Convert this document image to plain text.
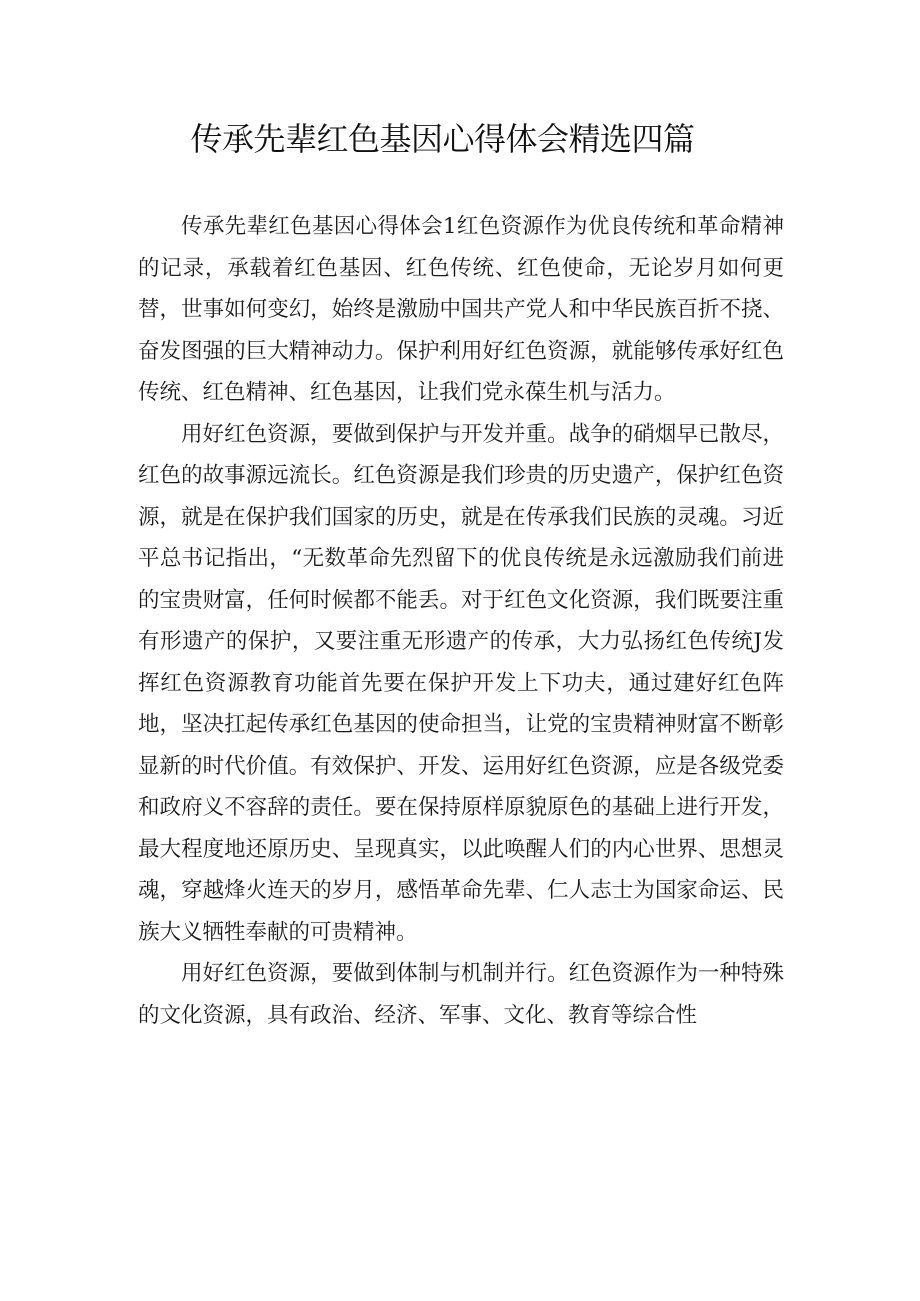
传承先辈红色基因心得体会精选四篇

传承先辈红色基因心得体会1红色资源作为优良传统和革命精神的记录，承载着红色基因、红色传统、红色使命，无论岁月如何更替，世事如何变幻，始终是激励中国共产党人和中华民族百折不挠、奋发图强的巨大精神动力。保护利用好红色资源，就能够传承好红色传统、红色精神、红色基因，让我们党永葆生机与活力。

用好红色资源，要做到保护与开发并重。战争的硝烟早已散尽，红色的故事源远流长。红色资源是我们珍贵的历史遗产，保护红色资源，就是在保护我们国家的历史，就是在传承我们民族的灵魂。习近平总书记指出，“无数革命先烈留下的优良传统是永远激励我们前进的宝贵财富，任何时候都不能丢。对于红色文化资源，我们既要注重有形遗产的保护，又要注重无形遗产的传承，大力弘扬红色传统J发挥红色资源教育功能首先要在保护开发上下功夫，通过建好红色阵地，坚决扛起传承红色基因的使命担当，让党的宝贵精神财富不断彰显新的时代价值。有效保护、开发、运用好红色资源，应是各级党委和政府义不容辞的责任。要在保持原样原貌原色的基础上进行开发，最大程度地还原历史、呈现真实，以此唤醒人们的内心世界、思想灵魂，穿越烽火连天的岁月，感悟革命先辈、仁人志士为国家命运、民族大义牺牲奉献的可贵精神。

用好红色资源，要做到体制与机制并行。红色资源作为一种特殊的文化资源，具有政治、经济、军事、文化、教育等综合性
